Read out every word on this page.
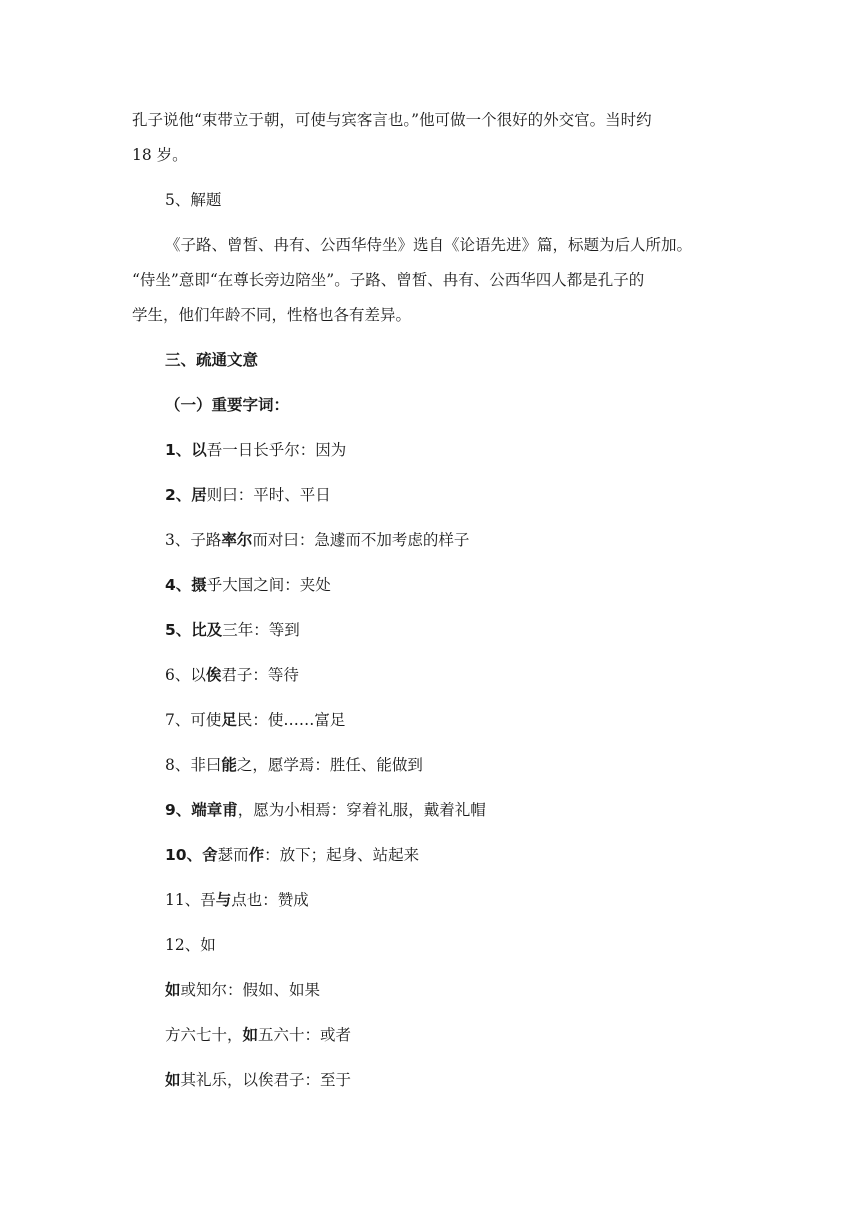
孔子说他“束带立于朝，可使与宾客言也。”他可做一个很好的外交官。当时约
18 岁。
5、解题
《子路、曾皙、冉有、公西华侍坐》选自《论语先进》篇，标题为后人所加。
“侍坐”意即“在尊长旁边陪坐”。子路、曾皙、冉有、公西华四人都是孔子的
学生，他们年龄不同，性格也各有差异。
三、疏通文意
（一）重要字词：
1、以吾一日长乎尔：因为
2、居则曰：平时、平日
3、子路率尔而对曰：急遽而不加考虑的样子
4、摄乎大国之间：夹处
5、比及三年：等到
6、以俟君子：等待
7、可使足民：使……富足
8、非曰能之，愿学焉：胜任、能做到
9、端章甫，愿为小相焉：穿着礼服，戴着礼帽
10、舍瑟而作：放下；起身、站起来
11、吾与点也：赞成
12、如
如或知尔：假如、如果
方六七十，如五六十：或者
如其礼乐，以俟君子：至于
